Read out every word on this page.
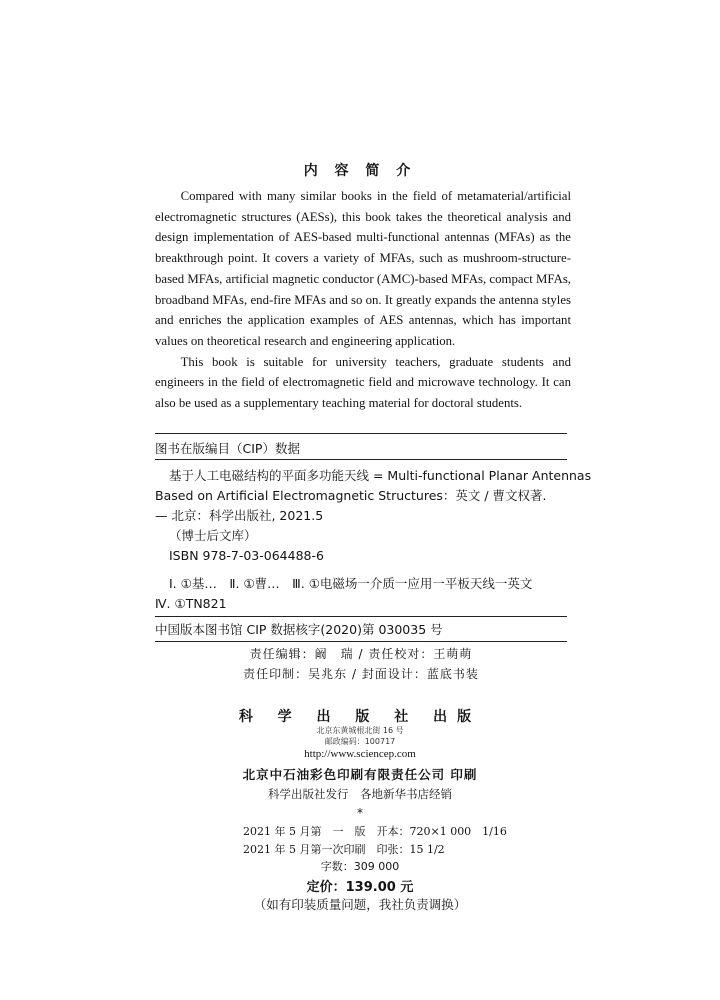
内 容 简 介

Compared with many similar books in the field of metamaterial/artificial electromagnetic structures (AESs), this book takes the theoretical analysis and design implementation of AES-based multi-functional antennas (MFAs) as the breakthrough point. It covers a variety of MFAs, such as mushroom-structure-based MFAs, artificial magnetic conductor (AMC)-based MFAs, compact MFAs, broadband MFAs, end-fire MFAs and so on. It greatly expands the antenna styles and enriches the application examples of AES antennas, which has important values on theoretical research and engineering application.

This book is suitable for university teachers, graduate students and engineers in the field of electromagnetic field and microwave technology. It can also be used as a supplementary teaching material for doctoral students.

图书在版编目（CIP）数据
基于人工电磁结构的平面多功能天线 = Multi-functional Planar Antennas
Based on Artificial Electromagnetic Structures：英文 / 曹文权著.
— 北京：科学出版社, 2021.5
（博士后文库）
ISBN 978-7-03-064488-6
Ⅰ. ①基…　Ⅱ. ①曹…　Ⅲ. ①电磁场一介质一应用一平板天线一英文
Ⅳ. ①TN821
中国版本图书馆 CIP 数据核字(2020)第 030035 号
责任编辑：阚　瑞 / 责任校对：王萌萌
责任印制：吴兆东 / 封面设计：蓝底书装
科 学 出 版 社 出版
北京东黄城根北街 16 号
邮政编码：100717
http://www.sciencep.com
北京中石油彩色印刷有限责任公司 印刷
科学出版社发行　各地新华书店经销
*
2021 年 5 月第　一　版　开本：720×1 000　1/16
2021 年 5 月第一次印刷　印张：15 1/2
字数：309 000
定价：139.00 元
（如有印装质量问题，我社负责调换）
